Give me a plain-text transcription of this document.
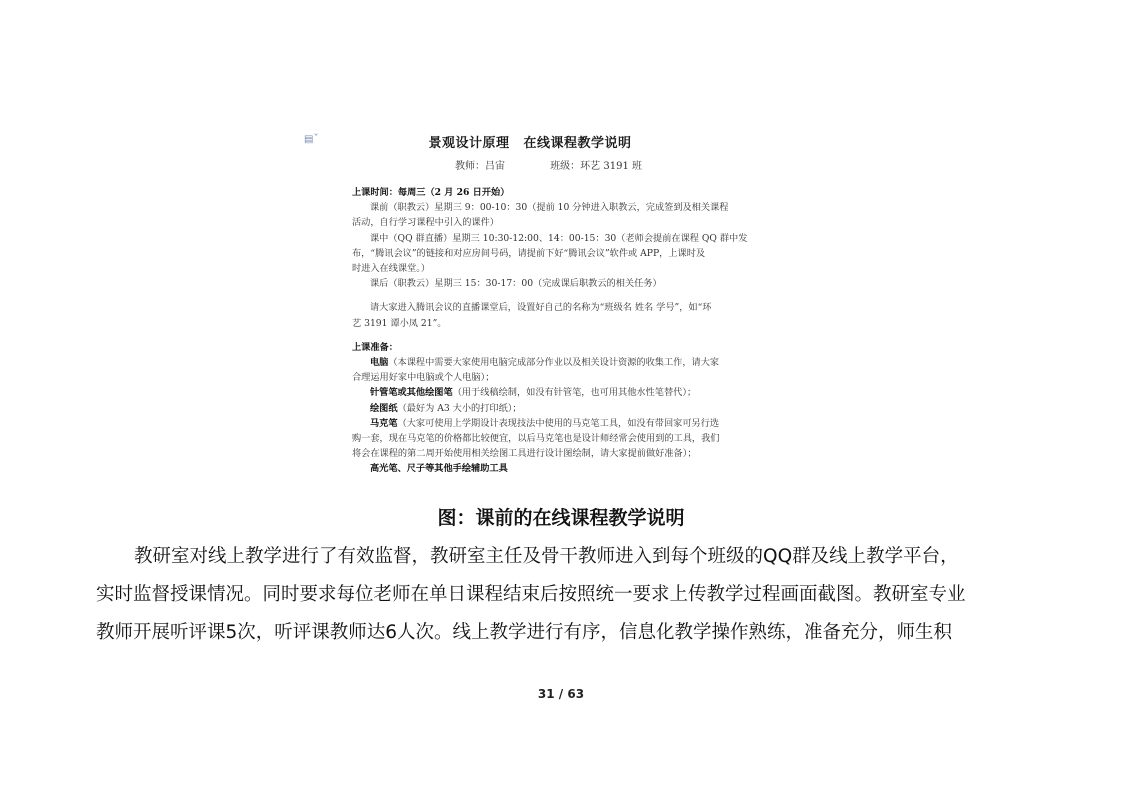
▤ˇ	景观设计原理 在线课程教学说明
教师：吕宙	班级：环艺 3191 班
上课时间：每周三（2 月 26 日开始）
课前（职教云）星期三 9：00-10：30（提前 10 分钟进入职教云，完成签到及相关课程
活动，自行学习课程中引入的课件）
课中（QQ 群直播）星期三 10:30-12:00、14：00-15：30（老师会提前在课程 QQ 群中发
布，“腾讯会议”的链接和对应房间号码，请提前下好“腾讯会议”软件或 APP，上课时及
时进入在线课堂。）
课后（职教云）星期三 15：30-17：00（完成课后职教云的相关任务）
请大家进入腾讯会议的直播课堂后，设置好自己的名称为“班级名 姓名 学号”，如“环
艺 3191 谭小凤 21”。
上课准备：
电脑（本课程中需要大家使用电脑完成部分作业以及相关设计资源的收集工作，请大家
合理运用好家中电脑或个人电脑）；
针管笔或其他绘图笔（用于线稿绘制，如没有针管笔，也可用其他水性笔替代）；
绘图纸（最好为 A3 大小的打印纸）；
马克笔（大家可使用上学期设计表现技法中使用的马克笔工具，如没有带回家可另行选
购一套，现在马克笔的价格都比较便宜，以后马克笔也是设计师经常会使用到的工具，我们
将会在课程的第二周开始使用相关绘图工具进行设计图绘制，请大家提前做好准备）；
高光笔、尺子等其他手绘辅助工具
图：课前的在线课程教学说明
教研室对线上教学进行了有效监督，教研室主任及骨干教师进入到每个班级的QQ群及线上教学平台，
实时监督授课情况。同时要求每位老师在单日课程结束后按照统一要求上传教学过程画面截图。教研室专业
教师开展听评课5次，听评课教师达6人次。线上教学进行有序，信息化教学操作熟练，准备充分，师生积
31 / 63
